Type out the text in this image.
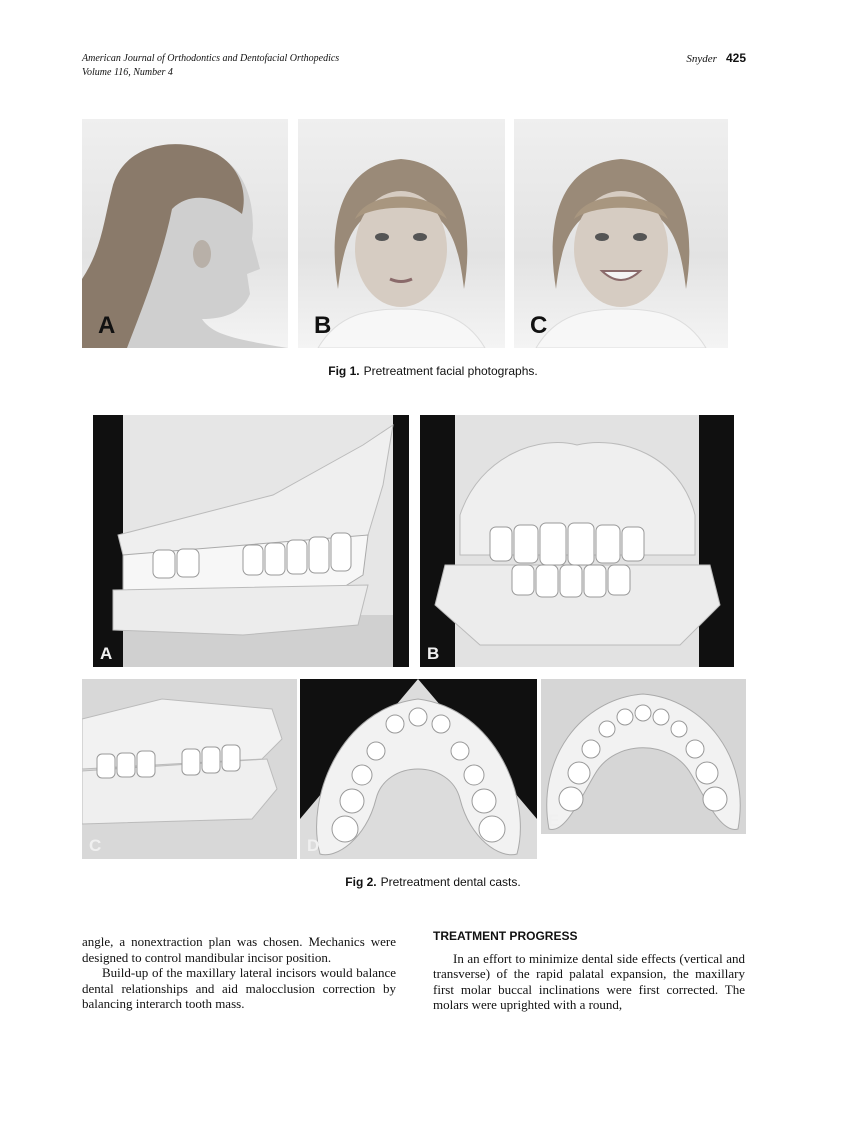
American Journal of Orthodontics and Dentofacial Orthopedics
Volume 116, Number 4
Snyder 425
A	B	C
Fig 1. Pretreatment facial photographs.
A	B
C	D
E
Fig 2. Pretreatment dental casts.

angle, a nonextraction plan was chosen. Mechanics were designed to control mandibular incisor position.

Build-up of the maxillary lateral incisors would balance dental relationships and aid malocclusion correction by balancing interarch tooth mass.

TREATMENT PROGRESS

In an effort to minimize dental side effects (vertical and transverse) of the rapid palatal expansion, the maxillary first molar buccal inclinations were first corrected. The molars were uprighted with a round,
